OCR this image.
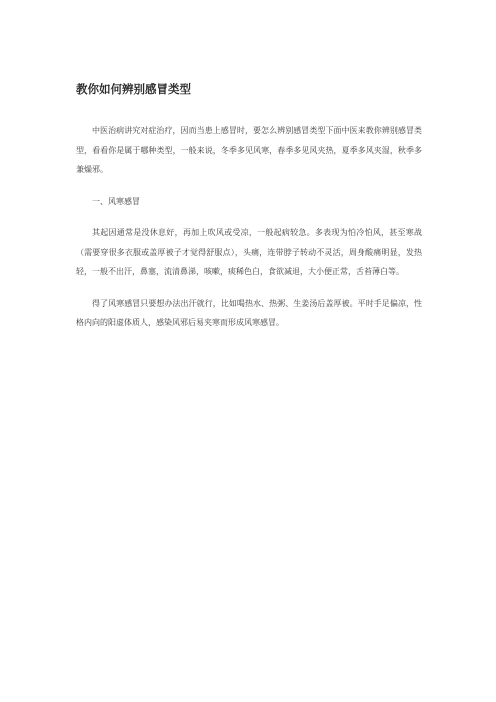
教你如何辨别感冒类型

中医治病讲究对症治疗，因而当患上感冒时，要怎么辨别感冒类型下面中医来教你辨别感冒类型，看看你是属于哪种类型，一般来说，冬季多见风寒，春季多见风夹热，夏季多风夹湿，秋季多兼燥邪。

一、风寒感冒

其起因通常是没休息好，再加上吹风或受凉，一般起病较急。多表现为怕冷怕风，甚至寒战（需要穿很多衣服或盖厚被子才觉得舒服点），头痛，连带脖子转动不灵活，周身酸痛明显，发热轻，一般不出汗，鼻塞，流清鼻涕，咳嗽，痰稀色白，食欲减退，大小便正常，舌苔薄白等。

得了风寒感冒只要想办法出汗就行，比如喝热水、热粥、生姜汤后盖厚被。平时手足偏凉，性格内向的阳虚体质人，感染风邪后易夹寒而形成风寒感冒。
